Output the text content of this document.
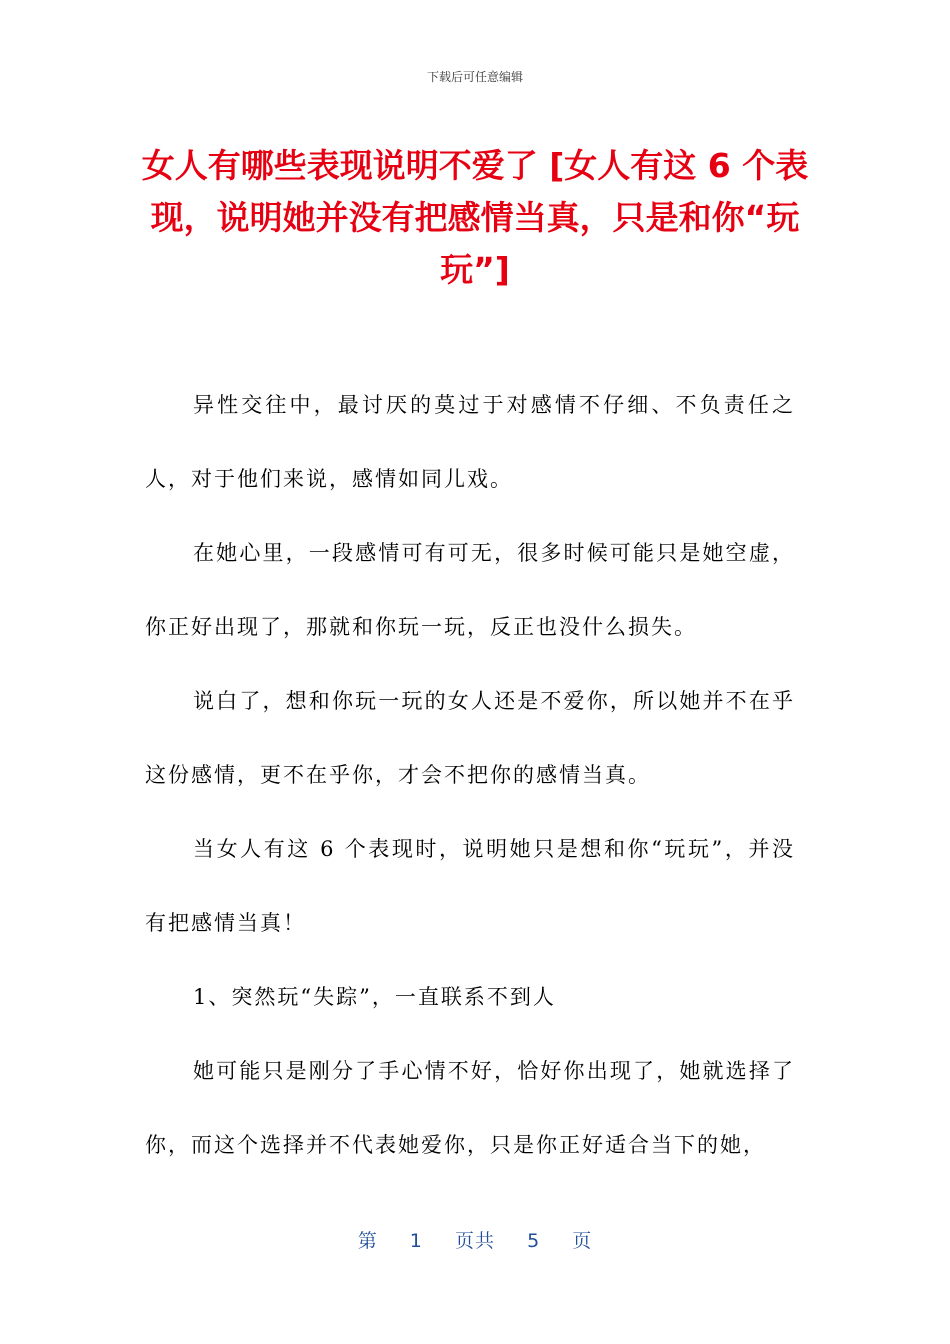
下载后可任意编辑
女人有哪些表现说明不爱了 [女人有这 6 个表现，说明她并没有把感情当真，只是和你“玩玩”]

异性交往中，最讨厌的莫过于对感情不仔细、不负责任之人，对于他们来说，感情如同儿戏。

在她心里，一段感情可有可无，很多时候可能只是她空虚，你正好出现了，那就和你玩一玩，反正也没什么损失。

说白了，想和你玩一玩的女人还是不爱你，所以她并不在乎这份感情，更不在乎你，才会不把你的感情当真。

当女人有这 6 个表现时，说明她只是想和你“玩玩”，并没有把感情当真！

1、突然玩“失踪”，一直联系不到人

她可能只是刚分了手心情不好，恰好你出现了，她就选择了你，而这个选择并不代表她爱你，只是你正好适合当下的她，

第 1 页共 5 页
